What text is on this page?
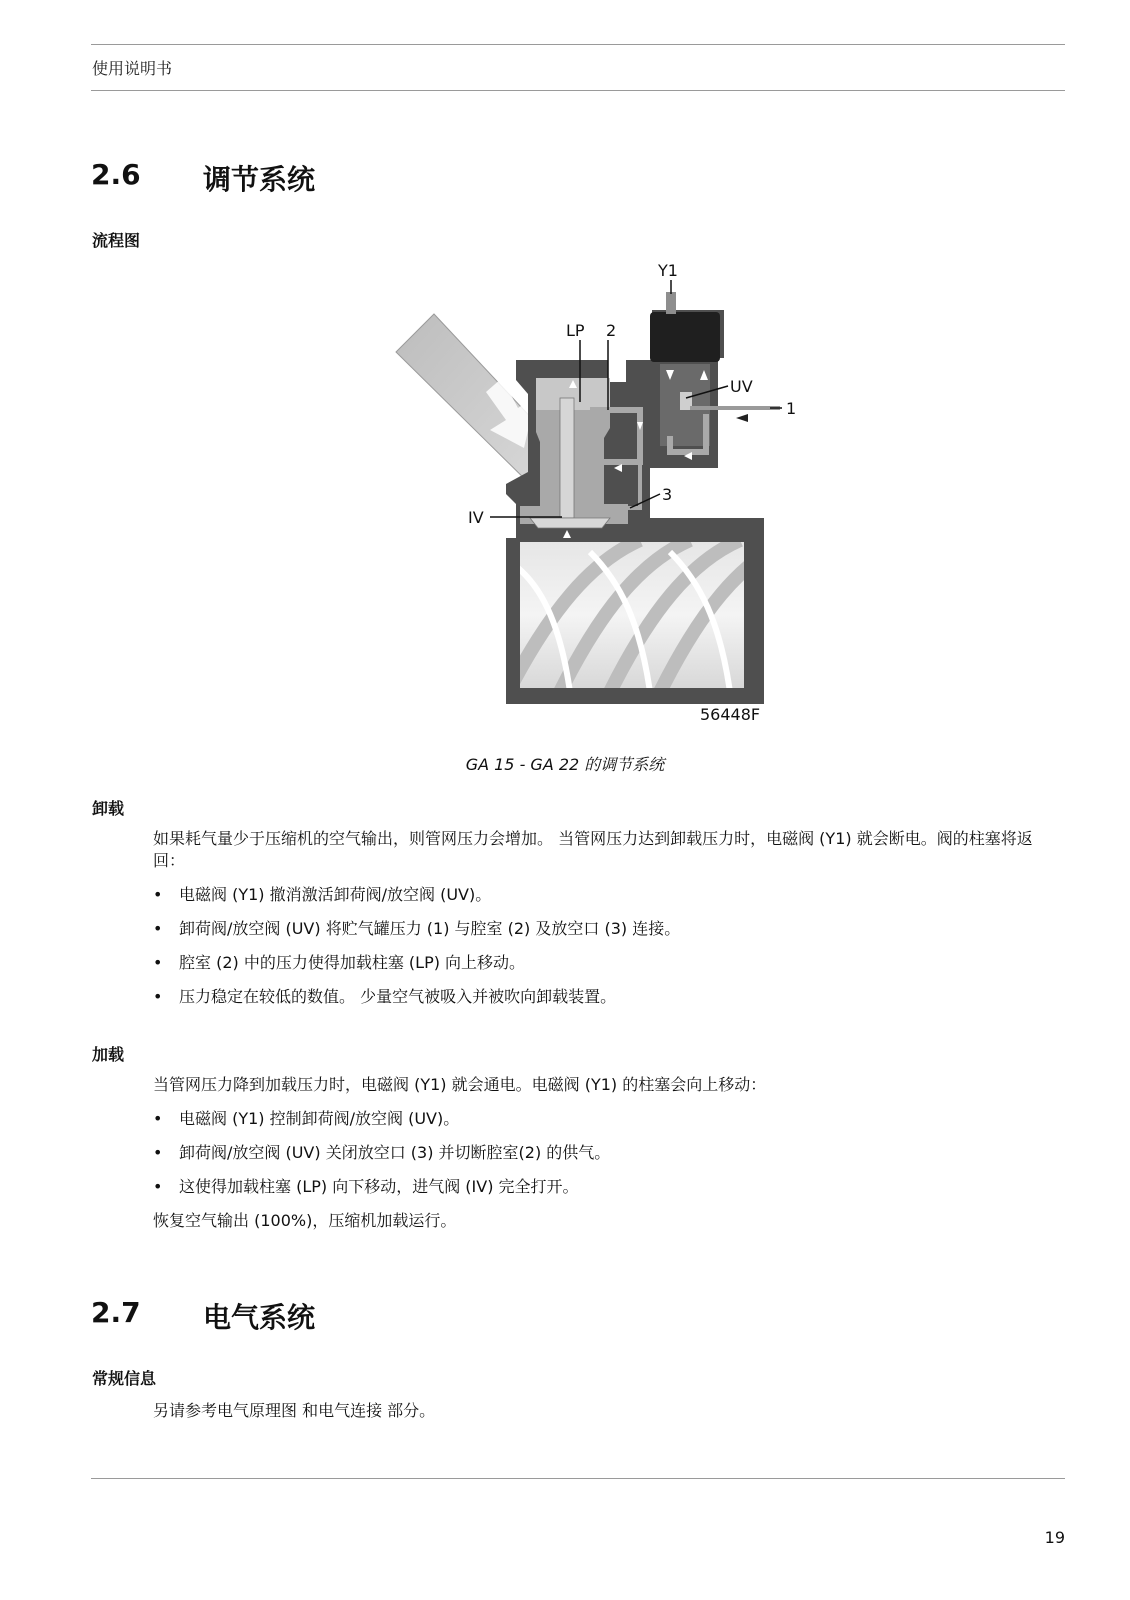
使用说明书
2.6 调节系统
流程图
Y1
LP 2
UV
1
3
IV
56448F
GA 15 - GA 22 的调节系统
卸载
如果耗气量少于压缩机的空气输出，则管网压力会增加。 当管网压力达到卸载压力时，电磁阀 (Y1) 就会断电。阀的柱塞将返回：
• 电磁阀 (Y1) 撤消激活卸荷阀/放空阀 (UV)。
• 卸荷阀/放空阀 (UV) 将贮气罐压力 (1) 与腔室 (2) 及放空口 (3) 连接。
• 腔室 (2) 中的压力使得加载柱塞 (LP) 向上移动。
• 压力稳定在较低的数值。 少量空气被吸入并被吹向卸载装置。
加载
当管网压力降到加载压力时，电磁阀 (Y1) 就会通电。电磁阀 (Y1) 的柱塞会向上移动：
• 电磁阀 (Y1) 控制卸荷阀/放空阀 (UV)。
• 卸荷阀/放空阀 (UV) 关闭放空口 (3) 并切断腔室(2) 的供气。
• 这使得加载柱塞 (LP) 向下移动，进气阀 (IV) 完全打开。
恢复空气输出 (100%)，压缩机加载运行。
2.7 电气系统
常规信息
另请参考电气原理图 和电气连接 部分。
19
